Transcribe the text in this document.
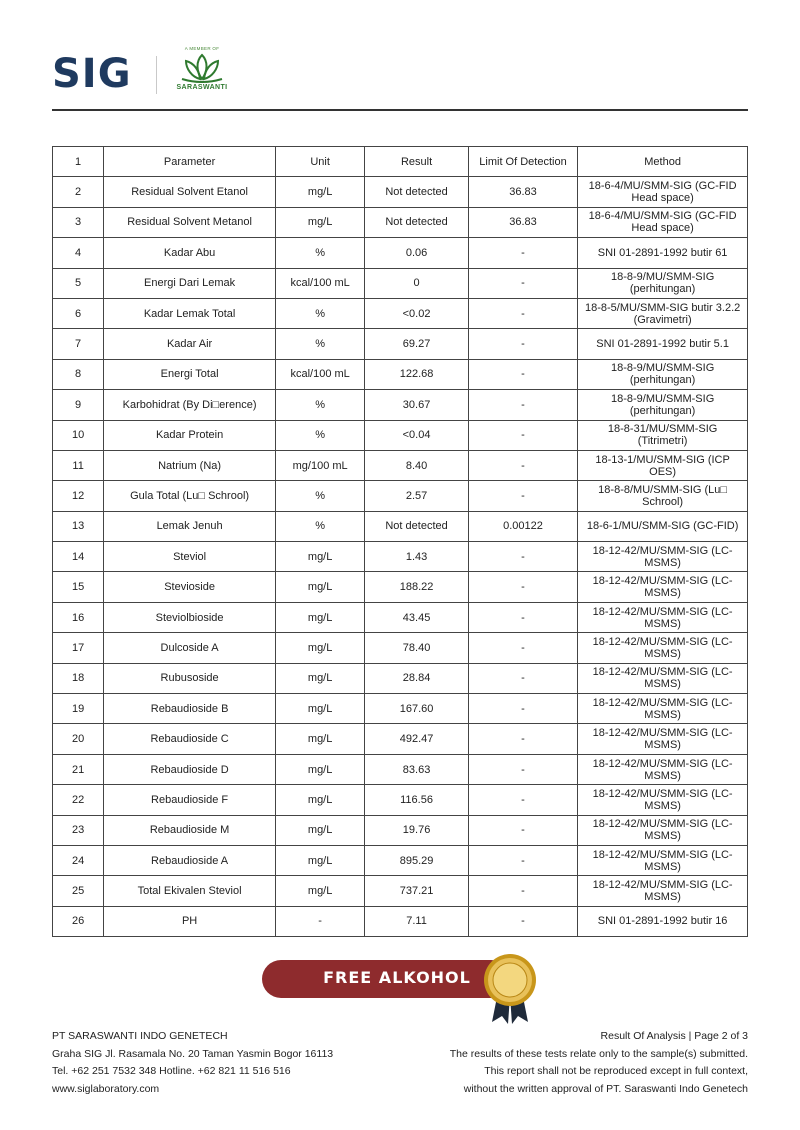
SIG
A MEMBER OF
SARASWANTI
1	Parameter	Unit	Result	Limit Of Detection	Method
2	Residual Solvent Etanol	mg/L	Not detected	36.83	18-6-4/MU/SMM-SIG (GC-FID Head space)
3	Residual Solvent Metanol	mg/L	Not detected	36.83	18-6-4/MU/SMM-SIG (GC-FID Head space)
4	Kadar Abu	%	0.06	-	SNI 01-2891-1992 butir 61
5	Energi Dari Lemak	kcal/100 mL	0	-	18-8-9/MU/SMM-SIG (perhitungan)
6	Kadar Lemak Total	%	<0.02	-	18-8-5/MU/SMM-SIG butir 3.2.2 (Gravimetri)
7	Kadar Air	%	69.27	-	SNI 01-2891-1992 butir 5.1
8	Energi Total	kcal/100 mL	122.68	-	18-8-9/MU/SMM-SIG (perhitungan)
9	Karbohidrat (By Di□erence)	%	30.67	-	18-8-9/MU/SMM-SIG (perhitungan)
10	Kadar Protein	%	<0.04	-	18-8-31/MU/SMM-SIG (Titrimetri)
11	Natrium (Na)	mg/100 mL	8.40	-	18-13-1/MU/SMM-SIG (ICP OES)
12	Gula Total (Lu□ Schrool)	%	2.57	-	18-8-8/MU/SMM-SIG (Lu□ Schrool)
13	Lemak Jenuh	%	Not detected	0.00122	18-6-1/MU/SMM-SIG (GC-FID)
14	Steviol	mg/L	1.43	-	18-12-42/MU/SMM-SIG (LC-MSMS)
15	Stevioside	mg/L	188.22	-	18-12-42/MU/SMM-SIG (LC-MSMS)
16	Steviolbioside	mg/L	43.45	-	18-12-42/MU/SMM-SIG (LC-MSMS)
17	Dulcoside A	mg/L	78.40	-	18-12-42/MU/SMM-SIG (LC-MSMS)
18	Rubusoside	mg/L	28.84	-	18-12-42/MU/SMM-SIG (LC-MSMS)
19	Rebaudioside B	mg/L	167.60	-	18-12-42/MU/SMM-SIG (LC-MSMS)
20	Rebaudioside C	mg/L	492.47	-	18-12-42/MU/SMM-SIG (LC-MSMS)
21	Rebaudioside D	mg/L	83.63	-	18-12-42/MU/SMM-SIG (LC-MSMS)
22	Rebaudioside F	mg/L	116.56	-	18-12-42/MU/SMM-SIG (LC-MSMS)
23	Rebaudioside M	mg/L	19.76	-	18-12-42/MU/SMM-SIG (LC-MSMS)
24	Rebaudioside A	mg/L	895.29	-	18-12-42/MU/SMM-SIG (LC-MSMS)
25	Total Ekivalen Steviol	mg/L	737.21	-	18-12-42/MU/SMM-SIG (LC-MSMS)
26	PH	-	7.11	-	SNI 01-2891-1992 butir 16
FREE ALKOHOL
PT SARASWANTI INDO GENETECH
Graha SIG Jl. Rasamala No. 20 Taman Yasmin Bogor 16113
Tel. +62 251 7532 348 Hotline. +62 821 11 516 516
www.siglaboratory.com
Result Of Analysis | Page 2 of 3
The results of these tests relate only to the sample(s) submitted.
This report shall not be reproduced except in full context,
without the written approval of PT. Saraswanti Indo Genetech
